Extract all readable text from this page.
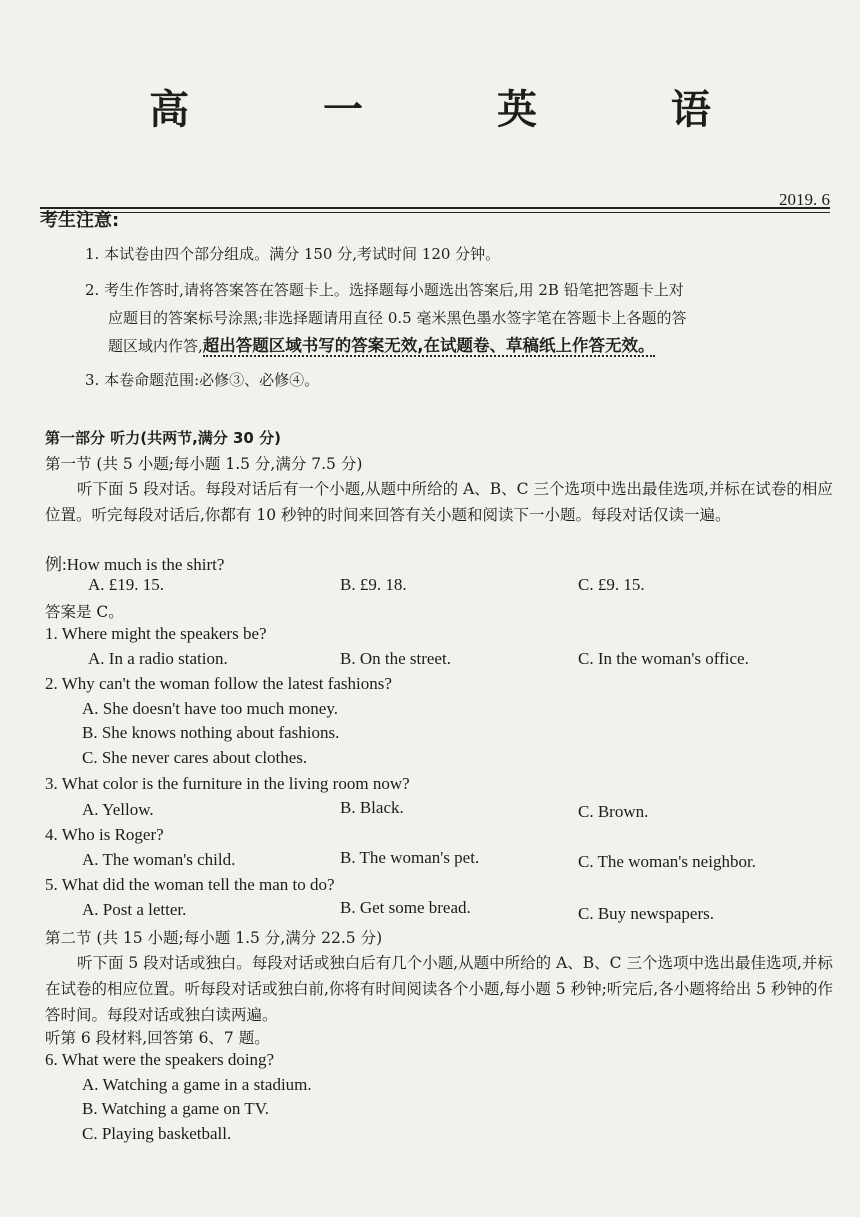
高 一 英 语
2019. 6
考生注意:
1. 本试卷由四个部分组成。满分 150 分,考试时间 120 分钟。
2. 考生作答时,请将答案答在答题卡上。选择题每小题选出答案后,用 2B 铅笔把答题卡上对
应题目的答案标号涂黑;非选择题请用直径 0.5 毫米黑色墨水签字笔在答题卡上各题的答
题区域内作答,超出答题区域书写的答案无效,在试题卷、草稿纸上作答无效。
3. 本卷命题范围:必修③、必修④。
第一部分 听力(共两节,满分 30 分)
第一节 (共 5 小题;每小题 1.5 分,满分 7.5 分)
听下面 5 段对话。每段对话后有一个小题,从题中所给的 A、B、C 三个选项中选出最佳选项,并标在试卷的相应位置。听完每段对话后,你都有 10 秒钟的时间来回答有关小题和阅读下一小题。每段对话仅读一遍。
例:How much is the shirt?
A. £19. 15.	B. £9. 18.	C. £9. 15.
答案是 C。
1. Where might the speakers be?
A. In a radio station.	B. On the street.	C. In the woman's office.
2. Why can't the woman follow the latest fashions?
A. She doesn't have too much money.
B. She knows nothing about fashions.
C. She never cares about clothes.
3. What color is the furniture in the living room now?
A. Yellow.	B. Black.	C. Brown.
4. Who is Roger?
A. The woman's child.	B. The woman's pet.	C. The woman's neighbor.
5. What did the woman tell the man to do?
A. Post a letter.	B. Get some bread.	C. Buy newspapers.
第二节 (共 15 小题;每小题 1.5 分,满分 22.5 分)
听下面 5 段对话或独白。每段对话或独白后有几个小题,从题中所给的 A、B、C 三个选项中选出最佳选项,并标在试卷的相应位置。听每段对话或独白前,你将有时间阅读各个小题,每小题 5 秒钟;听完后,各小题将给出 5 秒钟的作答时间。每段对话或独白读两遍。
听第 6 段材料,回答第 6、7 题。
6. What were the speakers doing?
A. Watching a game in a stadium.
B. Watching a game on TV.
C. Playing basketball.
